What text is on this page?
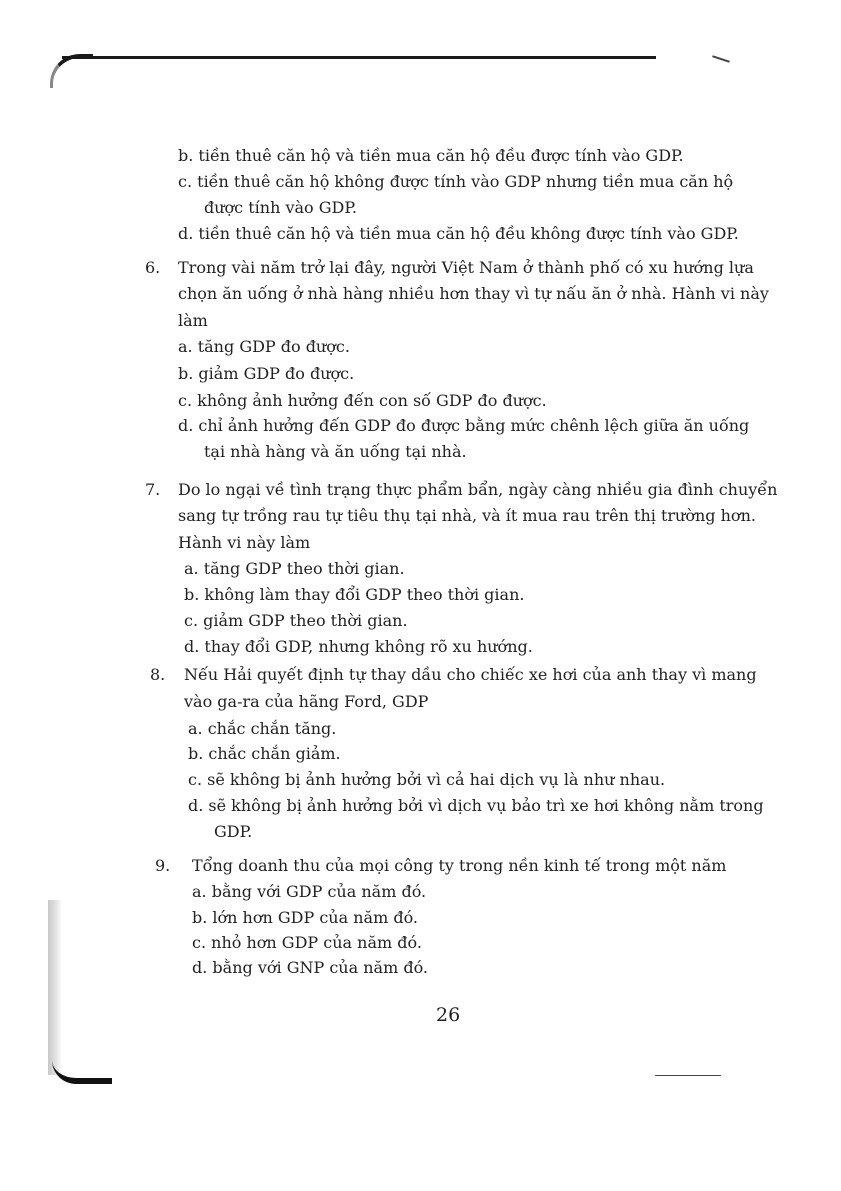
b. tiền thuê căn hộ và tiền mua căn hộ đều được tính vào GDP.
c. tiền thuê căn hộ không được tính vào GDP nhưng tiền mua căn hộ
được tính vào GDP.
d. tiền thuê căn hộ và tiền mua căn hộ đều không được tính vào GDP.
6. Trong vài năm trở lại đây, người Việt Nam ở thành phố có xu hướng lựa
chọn ăn uống ở nhà hàng nhiều hơn thay vì tự nấu ăn ở nhà. Hành vi này
làm
a. tăng GDP đo được.
b. giảm GDP đo được.
c. không ảnh hưởng đến con số GDP đo được.
d. chỉ ảnh hưởng đến GDP đo được bằng mức chênh lệch giữa ăn uống
tại nhà hàng và ăn uống tại nhà.
7. Do lo ngại về tình trạng thực phẩm bẩn, ngày càng nhiều gia đình chuyển
sang tự trồng rau tự tiêu thụ tại nhà, và ít mua rau trên thị trường hơn.
Hành vi này làm
a. tăng GDP theo thời gian.
b. không làm thay đổi GDP theo thời gian.
c. giảm GDP theo thời gian.
d. thay đổi GDP, nhưng không rõ xu hướng.
8. Nếu Hải quyết định tự thay dầu cho chiếc xe hơi của anh thay vì mang
vào ga-ra của hãng Ford, GDP
a. chắc chắn tăng.
b. chắc chắn giảm.
c. sẽ không bị ảnh hưởng bởi vì cả hai dịch vụ là như nhau.
d. sẽ không bị ảnh hưởng bởi vì dịch vụ bảo trì xe hơi không nằm trong
GDP.
9. Tổng doanh thu của mọi công ty trong nền kinh tế trong một năm
a. bằng với GDP của năm đó.
b. lớn hơn GDP của năm đó.
c. nhỏ hơn GDP của năm đó.
d. bằng với GNP của năm đó.
26
